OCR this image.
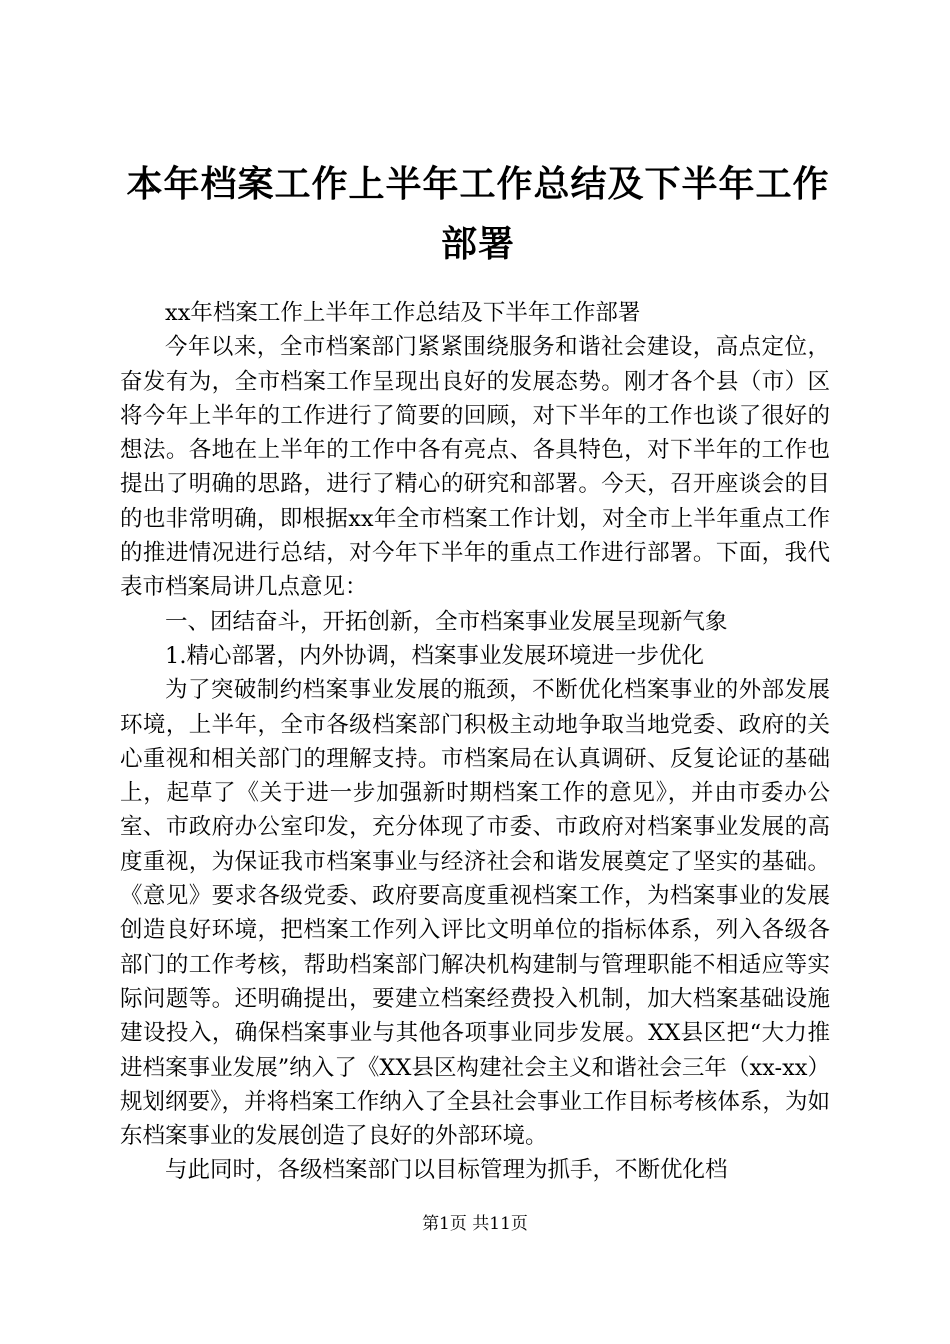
本年档案工作上半年工作总结及下半年工作部署

xx年档案工作上半年工作总结及下半年工作部署

今年以来，全市档案部门紧紧围绕服务和谐社会建设，高点定位，奋发有为，全市档案工作呈现出良好的发展态势。刚才各个县（市）区将今年上半年的工作进行了简要的回顾，对下半年的工作也谈了很好的想法。各地在上半年的工作中各有亮点、各具特色，对下半年的工作也提出了明确的思路，进行了精心的研究和部署。今天，召开座谈会的目的也非常明确，即根据xx年全市档案工作计划，对全市上半年重点工作的推进情况进行总结，对今年下半年的重点工作进行部署。下面，我代表市档案局讲几点意见：

一、团结奋斗，开拓创新，全市档案事业发展呈现新气象

1.精心部署，内外协调，档案事业发展环境进一步优化

为了突破制约档案事业发展的瓶颈，不断优化档案事业的外部发展环境，上半年，全市各级档案部门积极主动地争取当地党委、政府的关心重视和相关部门的理解支持。市档案局在认真调研、反复论证的基础上，起草了《关于进一步加强新时期档案工作的意见》，并由市委办公室、市政府办公室印发，充分体现了市委、市政府对档案事业发展的高度重视，为保证我市档案事业与经济社会和谐发展奠定了坚实的基础。《意见》要求各级党委、政府要高度重视档案工作，为档案事业的发展创造良好环境，把档案工作列入评比文明单位的指标体系，列入各级各部门的工作考核，帮助档案部门解决机构建制与管理职能不相适应等实际问题等。还明确提出，要建立档案经费投入机制，加大档案基础设施建设投入，确保档案事业与其他各项事业同步发展。XX县区把“大力推进档案事业发展”纳入了《XX县区构建社会主义和谐社会三年（xx-xx）规划纲要》，并将档案工作纳入了全县社会事业工作目标考核体系，为如东档案事业的发展创造了良好的外部环境。

与此同时，各级档案部门以目标管理为抓手，不断优化档

第1页 共11页
